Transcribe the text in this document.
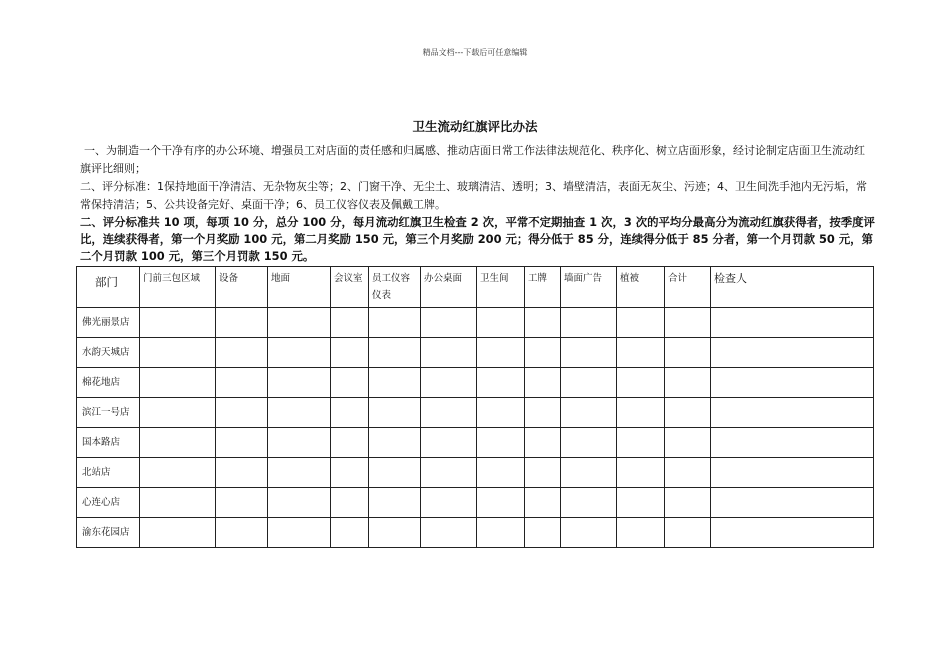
精品文档---下载后可任意编辑
卫生流动红旗评比办法
一、为制造一个干净有序的办公环境、增强员工对店面的责任感和归属感、推动店面日常工作法律法规范化、秩序化、树立店面形象，经讨论制定店面卫生流动红旗评比细则；
二、评分标准：1保持地面干净清洁、无杂物灰尘等；2、门窗干净、无尘土、玻璃清洁、透明；3、墙壁清洁，表面无灰尘、污迹；4、卫生间洗手池内无污垢，常常保持清洁；5、公共设备完好、桌面干净；6、员工仪容仪表及佩戴工牌。
二、评分标准共 10 项，每项 10 分，总分 100 分，每月流动红旗卫生检查 2 次，平常不定期抽查 1 次，3 次的平均分最高分为流动红旗获得者，按季度评比，连续获得者，第一个月奖励 100 元，第二月奖励 150 元，第三个月奖励 200 元；得分低于 85 分，连续得分低于 85 分者，第一个月罚款 50 元，第二个月罚款 100 元，第三个月罚款 150 元。
部门	门前三包区域	设备	地面	会议室	员工仪容仪表	办公桌面	卫生间	工牌	墙面广告	植被	合计	检查人
佛光丽景店												
水韵天城店												
棉花地店												
滨江一号店												
国本路店												
北站店												
心连心店												
渝东花园店												
